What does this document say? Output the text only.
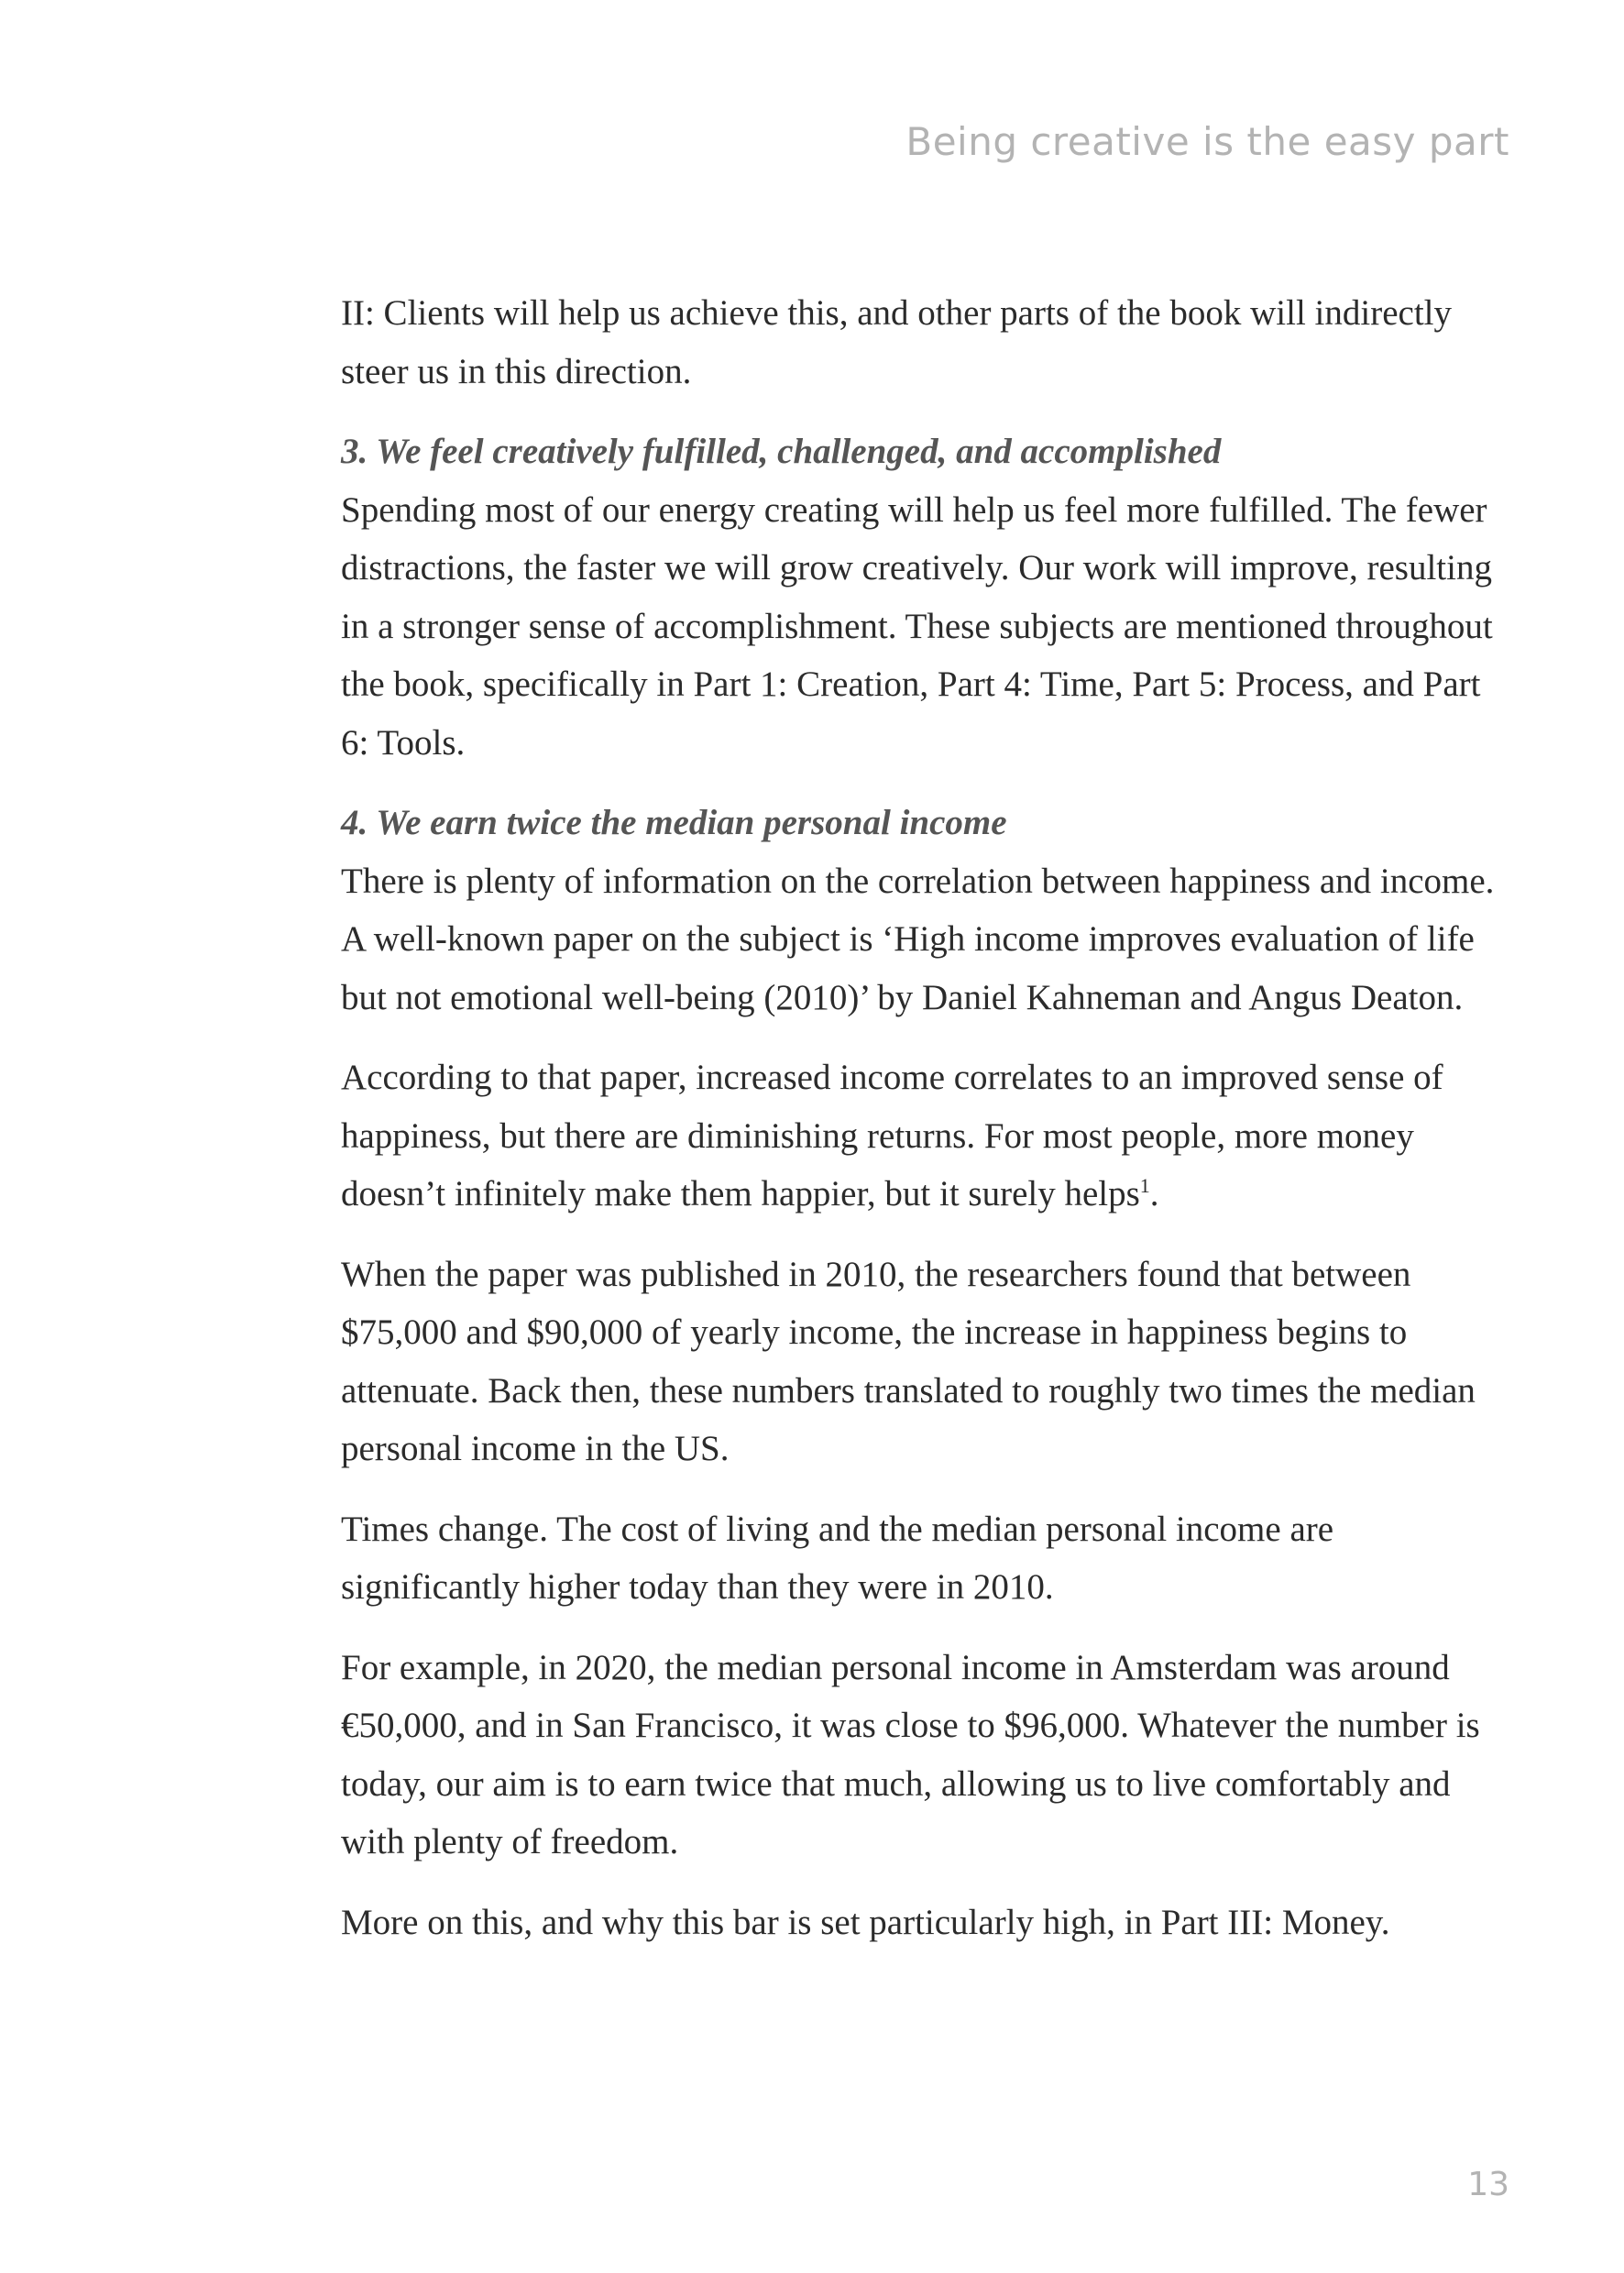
Being creative is the easy part

II: Clients will help us achieve this, and other parts of the book will indirectly steer us in this direction.

3. We feel creatively fulfilled, challenged, and accomplished
Spending most of our energy creating will help us feel more fulfilled. The fewer distractions, the faster we will grow creatively. Our work will improve, resulting in a stronger sense of accomplishment. These subjects are mentioned throughout the book, specifically in Part 1: Creation, Part 4: Time, Part 5: Process, and Part 6: Tools.

4. We earn twice the median personal income
There is plenty of information on the correlation between happiness and income. A well-known paper on the subject is ‘High income improves evaluation of life but not emotional well-being (2010)’ by Daniel Kahneman and Angus Deaton.

According to that paper, increased income correlates to an improved sense of happiness, but there are diminishing returns. For most people, more money doesn’t infinitely make them happier, but it surely helps$^1$.

When the paper was published in 2010, the researchers found that between $75,000 and $90,000 of yearly income, the increase in happiness begins to attenuate. Back then, these numbers translated to roughly two times the median personal income in the US.

Times change. The cost of living and the median personal income are significantly higher today than they were in 2010.

For example, in 2020, the median personal income in Amsterdam was around €50,000, and in San Francisco, it was close to $96,000. Whatever the number is today, our aim is to earn twice that much, allowing us to live comfortably and with plenty of freedom.

More on this, and why this bar is set particularly high, in Part III: Money.

13
